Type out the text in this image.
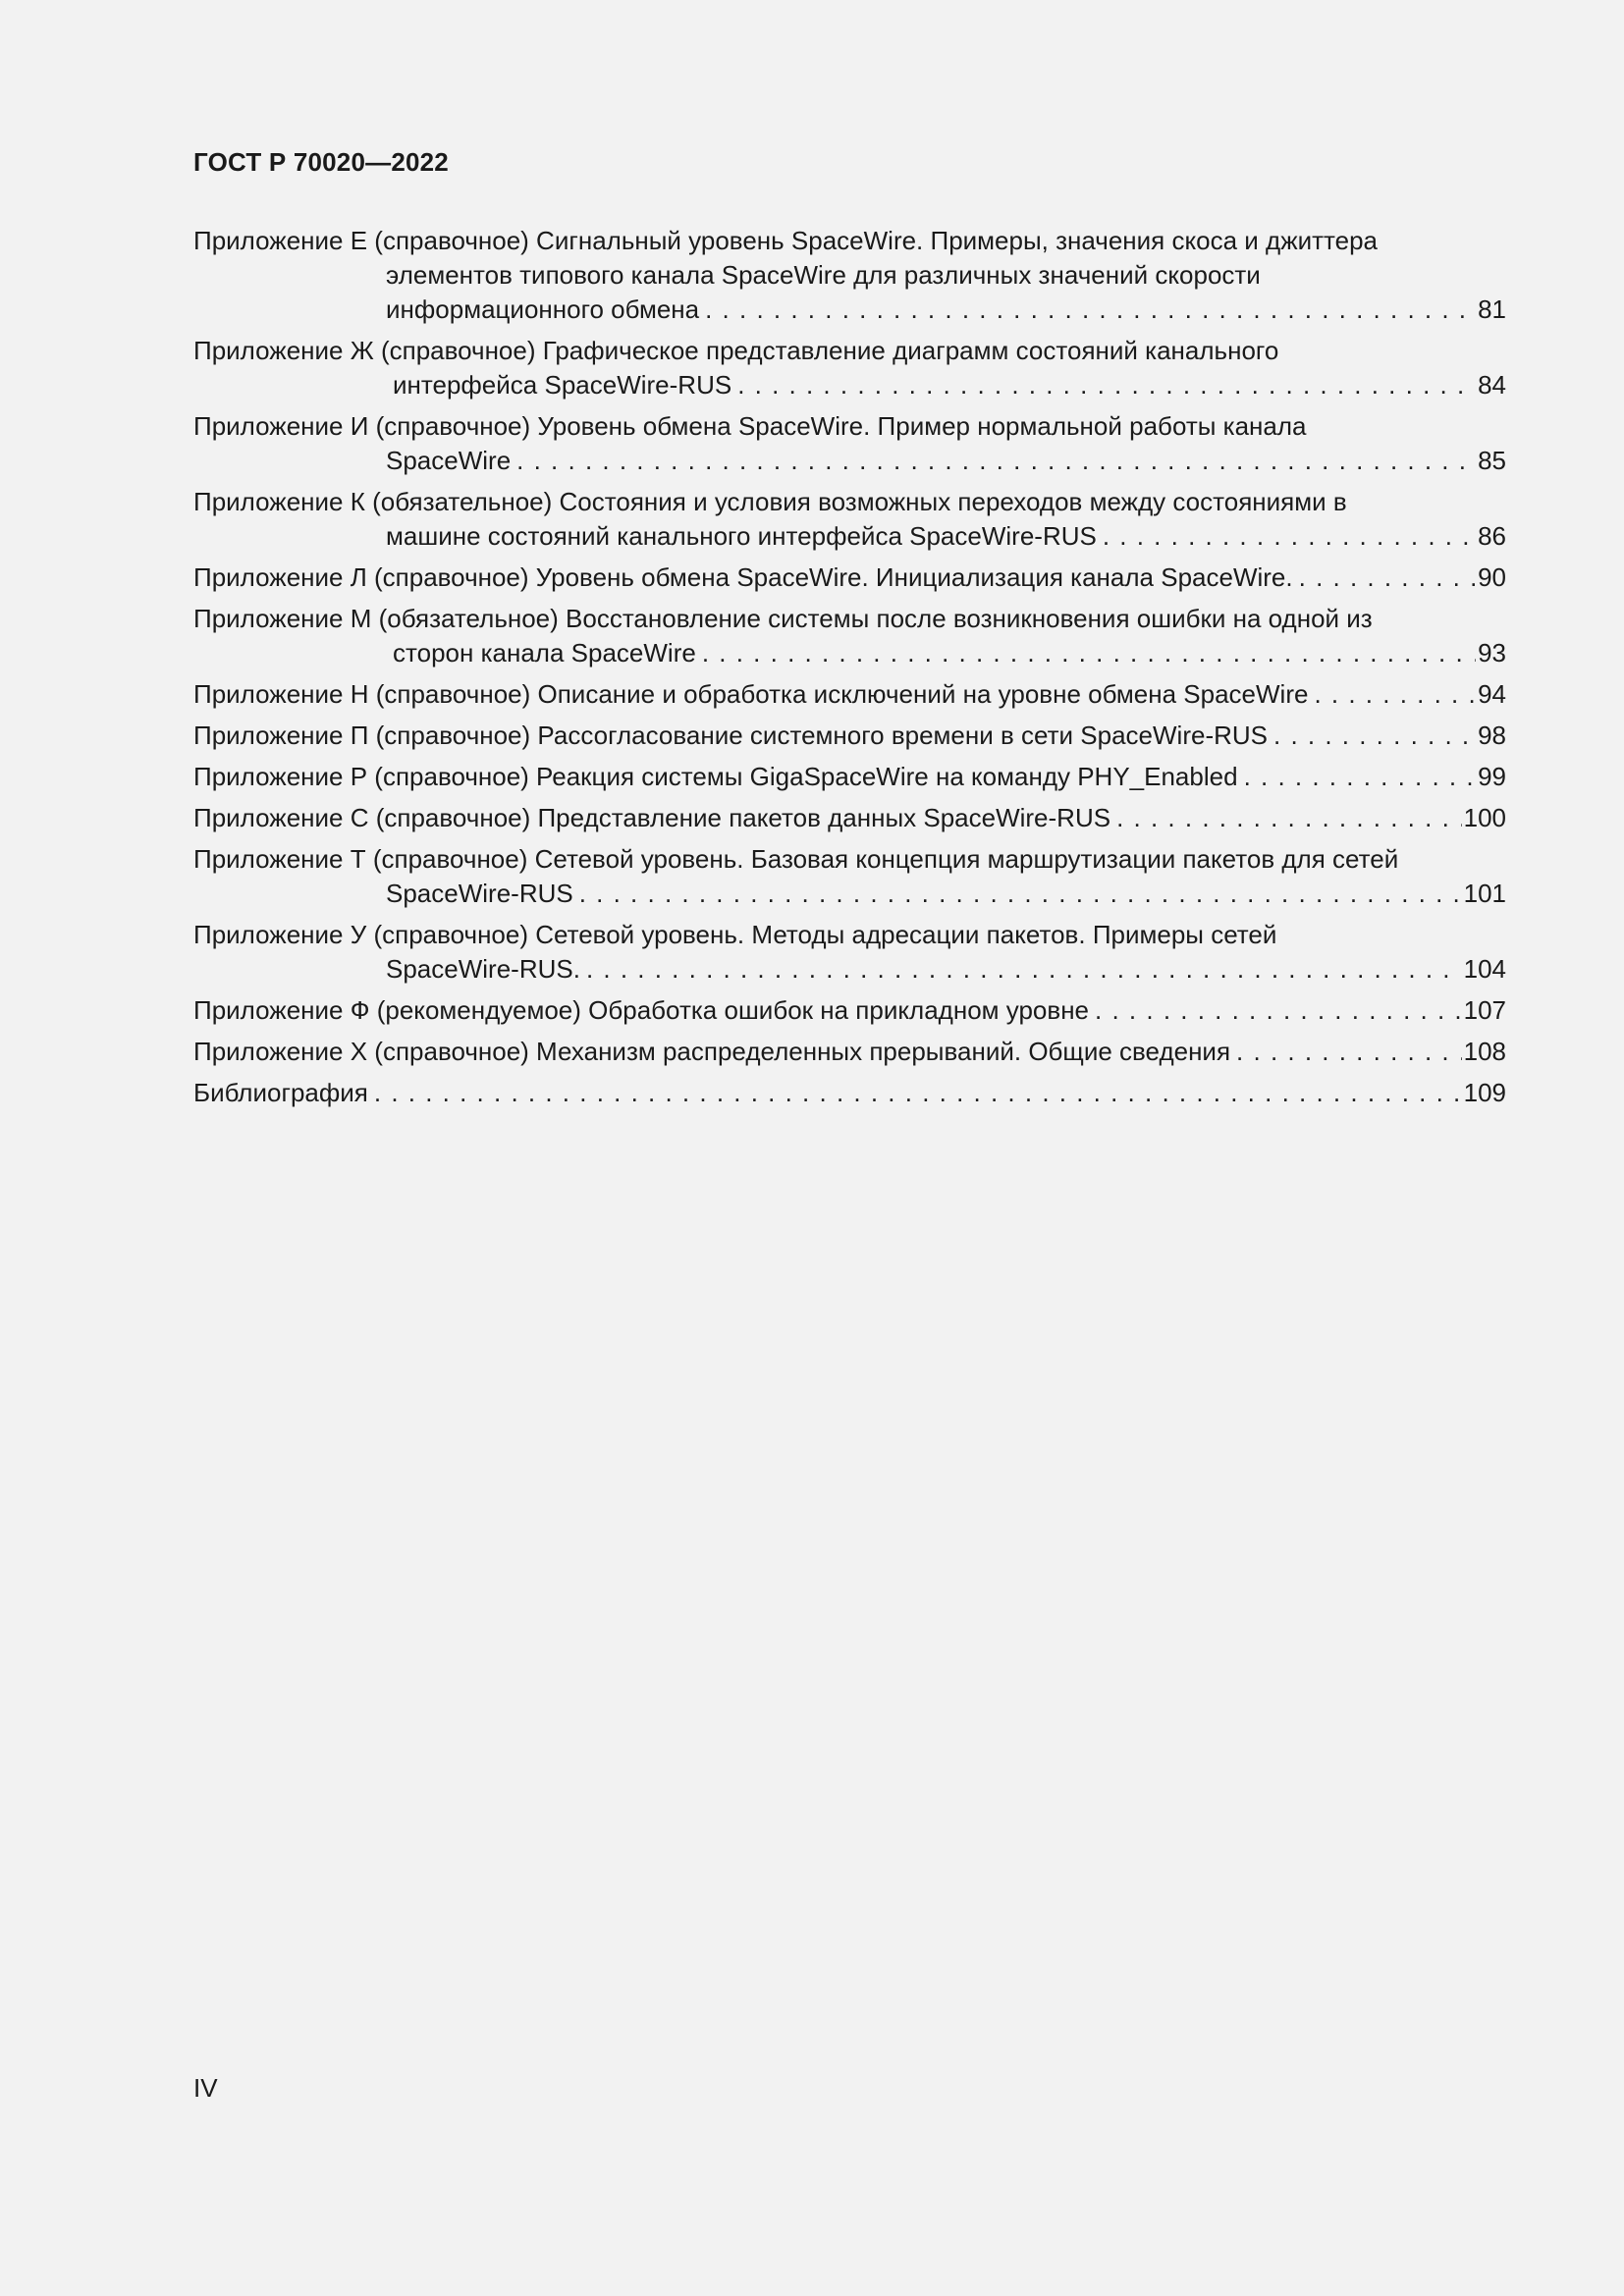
ГОСТ Р 70020—2022
Приложение Е (справочное) Сигнальный уровень SpaceWire. Примеры, значения скоса и джиттера
элементов типового канала SpaceWire для различных значений скорости
информационного обмена . . .	81
Приложение Ж (справочное) Графическое представление диаграмм состояний канального
интерфейса SpaceWire-RUS . . .	84
Приложение И (справочное) Уровень обмена SpaceWire. Пример нормальной работы канала
SpaceWire . . .	85
Приложение К (обязательное) Состояния и условия возможных переходов между состояниями в
машине состояний канального интерфейса SpaceWire-RUS . . .	86
Приложение Л (справочное) Уровень обмена SpaceWire. Инициализация канала SpaceWire. . . .	90
Приложение М (обязательное) Восстановление системы после возникновения ошибки на одной из
сторон канала SpaceWire . . .	93
Приложение Н (справочное) Описание и обработка исключений на уровне обмена SpaceWire . . .	94
Приложение П (справочное) Рассогласование системного времени в сети SpaceWire-RUS . . .	98
Приложение Р (справочное) Реакция системы GigaSpaceWire на команду PHY_Enabled . . .	99
Приложение С (справочное) Представление пакетов данных SpaceWire-RUS . . .	100
Приложение Т (справочное) Сетевой уровень. Базовая концепция маршрутизации пакетов для сетей
SpaceWire-RUS . . .	101
Приложение У (справочное) Сетевой уровень. Методы адресации пакетов. Примеры сетей
SpaceWire-RUS. . . .	104
Приложение Ф (рекомендуемое) Обработка ошибок на прикладном уровне . . .	107
Приложение Х (справочное) Механизм распределенных прерываний. Общие сведения . . .	108
Библиография . . .	109
IV
